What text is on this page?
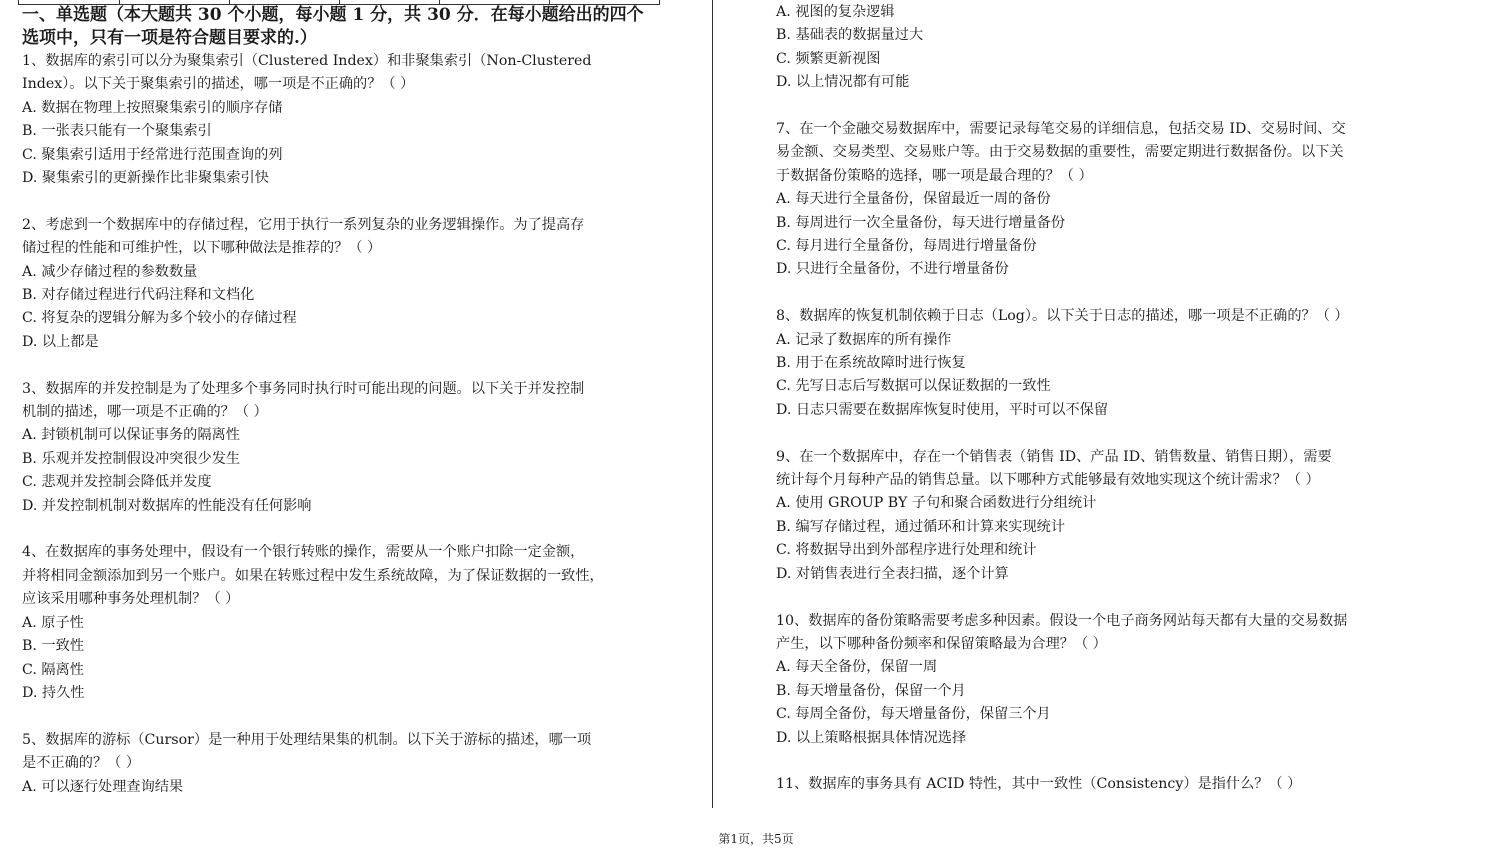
一、单选题（本大题共 30 个小题，每小题 1 分，共 30 分．在每小题给出的四个
选项中，只有一项是符合题目要求的.）
1、数据库的索引可以分为聚集索引（Clustered Index）和非聚集索引（Non-Clustered
Index）。以下关于聚集索引的描述，哪一项是不正确的？（ ）
A. 数据在物理上按照聚集索引的顺序存储
B. 一张表只能有一个聚集索引
C. 聚集索引适用于经常进行范围查询的列
D. 聚集索引的更新操作比非聚集索引快
2、考虑到一个数据库中的存储过程，它用于执行一系列复杂的业务逻辑操作。为了提高存
储过程的性能和可维护性，以下哪种做法是推荐的？（ ）
A. 减少存储过程的参数数量
B. 对存储过程进行代码注释和文档化
C. 将复杂的逻辑分解为多个较小的存储过程
D. 以上都是
3、数据库的并发控制是为了处理多个事务同时执行时可能出现的问题。以下关于并发控制
机制的描述，哪一项是不正确的？（ ）
A. 封锁机制可以保证事务的隔离性
B. 乐观并发控制假设冲突很少发生
C. 悲观并发控制会降低并发度
D. 并发控制机制对数据库的性能没有任何影响
4、在数据库的事务处理中，假设有一个银行转账的操作，需要从一个账户扣除一定金额，
并将相同金额添加到另一个账户。如果在转账过程中发生系统故障，为了保证数据的一致性，
应该采用哪种事务处理机制？（ ）
A. 原子性
B. 一致性
C. 隔离性
D. 持久性
5、数据库的游标（Cursor）是一种用于处理结果集的机制。以下关于游标的描述，哪一项
是不正确的？（ ）
A. 可以逐行处理查询结果
A. 视图的复杂逻辑
B. 基础表的数据量过大
C. 频繁更新视图
D. 以上情况都有可能
7、在一个金融交易数据库中，需要记录每笔交易的详细信息，包括交易 ID、交易时间、交
易金额、交易类型、交易账户等。由于交易数据的重要性，需要定期进行数据备份。以下关
于数据备份策略的选择，哪一项是最合理的？（ ）
A. 每天进行全量备份，保留最近一周的备份
B. 每周进行一次全量备份，每天进行增量备份
C. 每月进行全量备份，每周进行增量备份
D. 只进行全量备份，不进行增量备份
8、数据库的恢复机制依赖于日志（Log）。以下关于日志的描述，哪一项是不正确的？（ ）
A. 记录了数据库的所有操作
B. 用于在系统故障时进行恢复
C. 先写日志后写数据可以保证数据的一致性
D. 日志只需要在数据库恢复时使用，平时可以不保留
9、在一个数据库中，存在一个销售表（销售 ID、产品 ID、销售数量、销售日期），需要
统计每个月每种产品的销售总量。以下哪种方式能够最有效地实现这个统计需求？（ ）
A. 使用 GROUP BY 子句和聚合函数进行分组统计
B. 编写存储过程，通过循环和计算来实现统计
C. 将数据导出到外部程序进行处理和统计
D. 对销售表进行全表扫描，逐个计算
10、数据库的备份策略需要考虑多种因素。假设一个电子商务网站每天都有大量的交易数据
产生，以下哪种备份频率和保留策略最为合理？（ ）
A. 每天全备份，保留一周
B. 每天增量备份，保留一个月
C. 每周全备份，每天增量备份，保留三个月
D. 以上策略根据具体情况选择
11、数据库的事务具有 ACID 特性，其中一致性（Consistency）是指什么？（ ）
第1页，共5页
